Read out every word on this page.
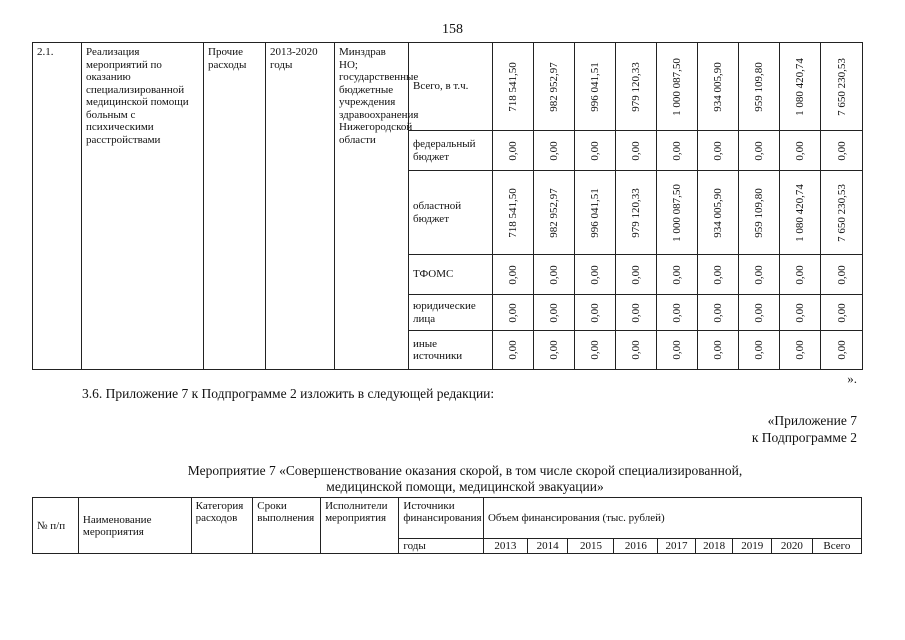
158
2.1.	Реализация мероприятий по оказанию специализированной медицинской помощи больным с психическими расстройствами	Прочие расходы	2013-2020 годы	Минздрав НО; государственные бюджетные учреждения здравоохранения Нижегородской области	Всего, в т.ч.	718 541,50	982 952,97	996 041,51	979 120,33	1 000 087,50	934 005,90	959 109,80	1 080 420,74	7 650 230,53

					федеральный бюджет	0,00	0,00	0,00	0,00	0,00	0,00	0,00	0,00	0,00

					областной бюджет	718 541,50	982 952,97	996 041,51	979 120,33	1 000 087,50	934 005,90	959 109,80	1 080 420,74	7 650 230,53

					ТФОМС	0,00	0,00	0,00	0,00	0,00	0,00	0,00	0,00	0,00

					юридические лица	0,00	0,00	0,00	0,00	0,00	0,00	0,00	0,00	0,00

					иные источники	0,00	0,00	0,00	0,00	0,00	0,00	0,00	0,00	0,00
».
3.6. Приложение 7 к Подпрограмме 2 изложить в следующей редакции:
«Приложение 7
к Подпрограмме 2
Мероприятие 7 «Совершенствование оказания скорой, в том числе скорой специализированной,
медицинской помощи, медицинской эвакуации»
№ п/п	Наименование мероприятия	Категория расходов	Сроки выполнения	Исполнители мероприятия	Источники финансирования	Объем финансирования (тыс. рублей)								
					годы	2013	2014	2015	2016	2017	2018	2019	2020	Всего
